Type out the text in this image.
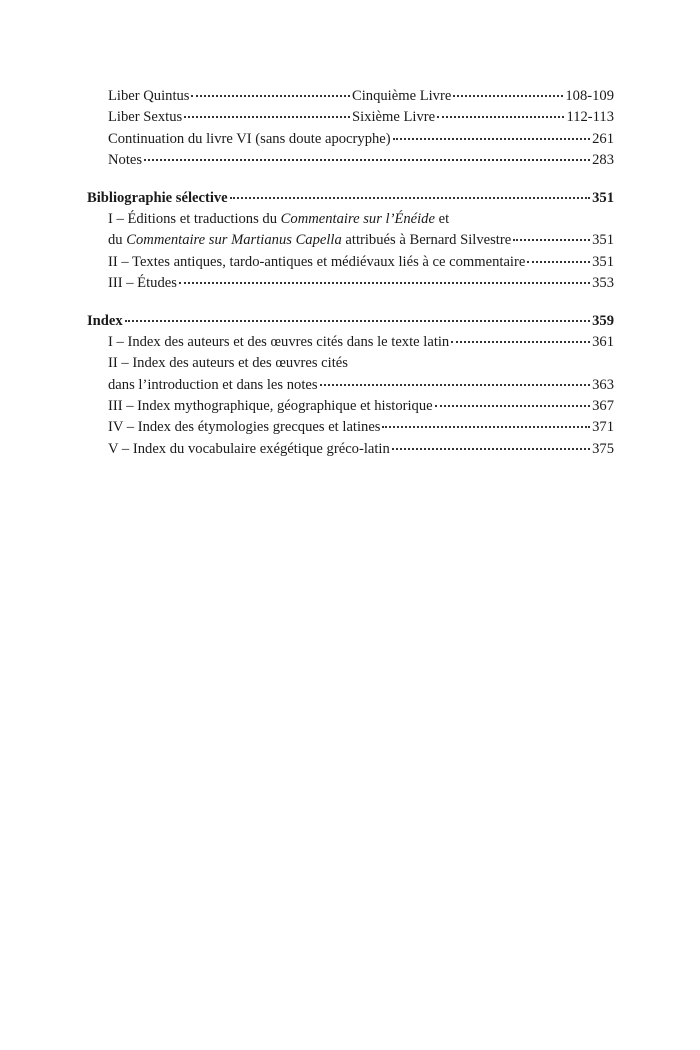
Liber Quintus	Cinquième Livre	108-109
Liber Sextus	Sixième Livre	112-113
Continuation du livre VI (sans doute apocryphe)	261
Notes	283
Bibliographie sélective	351
I – Éditions et traductions du Commentaire sur l’Énéide et
du Commentaire sur Martianus Capella attribués à Bernard Silvestre	351
II – Textes antiques, tardo-antiques et médiévaux liés à ce commentaire	351
III – Études	353
Index	359
I – Index des auteurs et des œuvres cités dans le texte latin	361
II – Index des auteurs et des œuvres cités
dans l’introduction et dans les notes	363
III – Index mythographique, géographique et historique	367
IV – Index des étymologies grecques et latines	371
V – Index du vocabulaire exégétique gréco-latin	375
